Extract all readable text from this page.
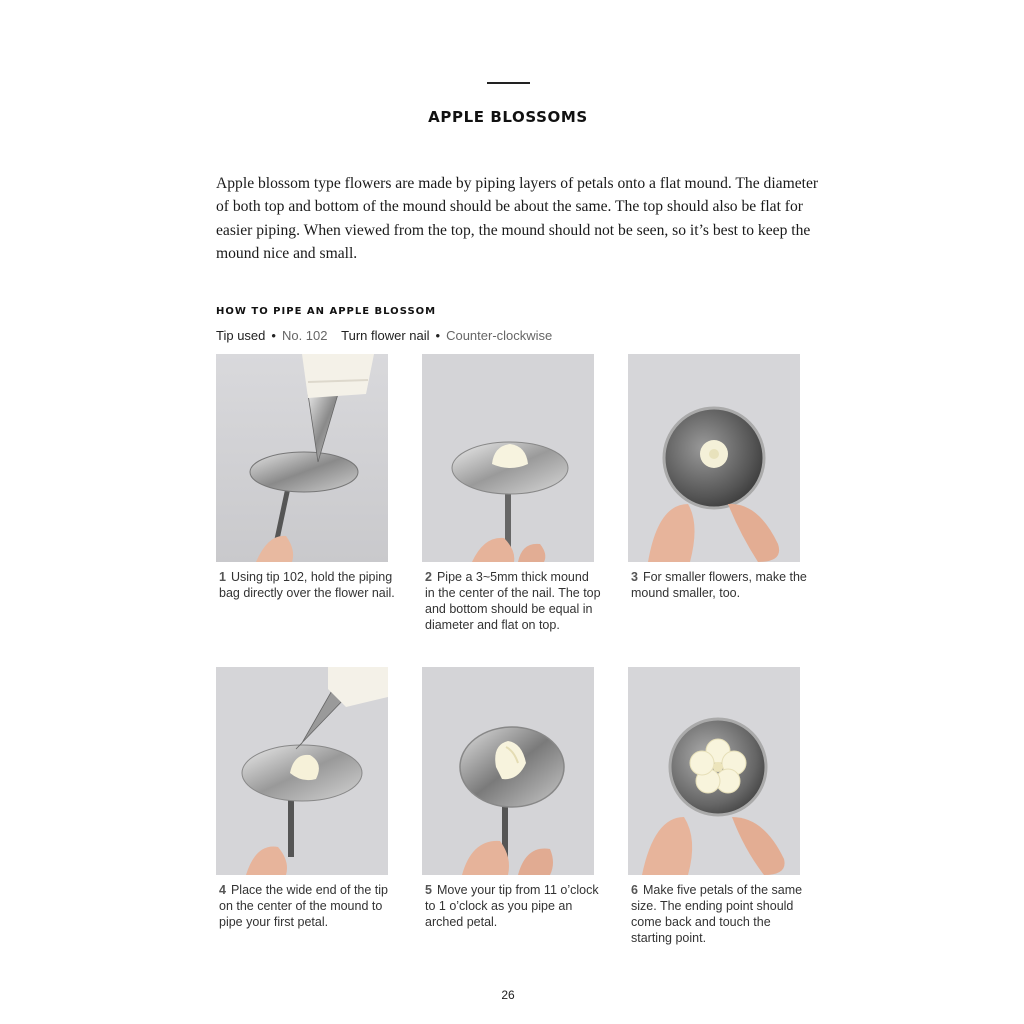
APPLE BLOSSOMS

Apple blossom type flowers are made by piping layers of petals onto a flat mound. The diameter of both top and bottom of the mound should be about the same. The top should also be flat for easier piping. When viewed from the top, the mound should not be seen, so it’s best to keep the mound nice and small.

HOW TO PIPE AN APPLE BLOSSOM
Tip used • No. 102 Turn flower nail • Counter-clockwise

1 Using tip 102, hold the piping bag directly over the flower nail.

2 Pipe a 3~5mm thick mound in the center of the nail. The top and bottom should be equal in diameter and flat on top.

3 For smaller flowers, make the mound smaller, too.

4 Place the wide end of the tip on the center of the mound to pipe your first petal.

5 Move your tip from 11 o’clock to 1 o’clock as you pipe an arched petal.

6 Make five petals of the same size. The ending point should come back and touch the starting point.

26
